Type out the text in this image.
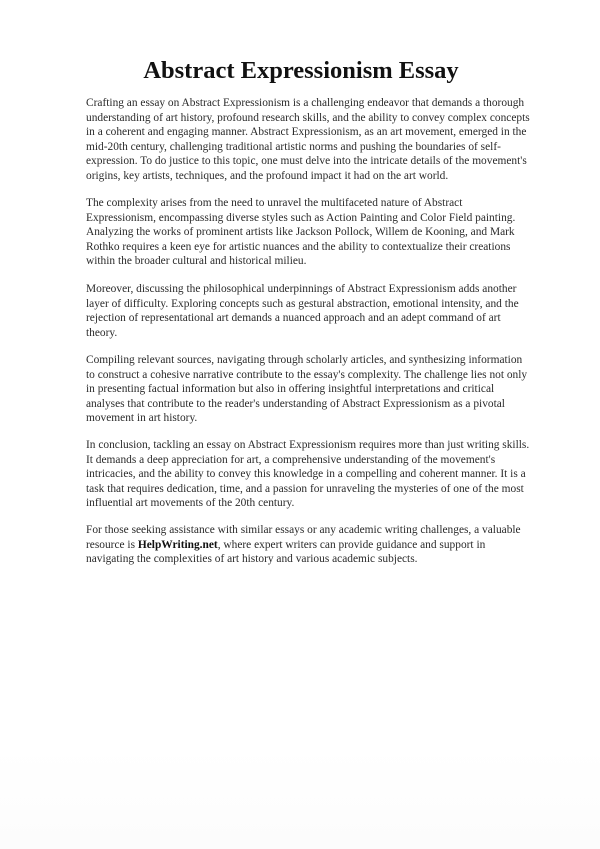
Abstract Expressionism Essay

Crafting an essay on Abstract Expressionism is a challenging endeavor that demands a thorough
understanding of art history, profound research skills, and the ability to convey complex concepts
in a coherent and engaging manner. Abstract Expressionism, as an art movement, emerged in the
mid-20th century, challenging traditional artistic norms and pushing the boundaries of self-
expression. To do justice to this topic, one must delve into the intricate details of the movement's
origins, key artists, techniques, and the profound impact it had on the art world.

The complexity arises from the need to unravel the multifaceted nature of Abstract
Expressionism, encompassing diverse styles such as Action Painting and Color Field painting.
Analyzing the works of prominent artists like Jackson Pollock, Willem de Kooning, and Mark
Rothko requires a keen eye for artistic nuances and the ability to contextualize their creations
within the broader cultural and historical milieu.

Moreover, discussing the philosophical underpinnings of Abstract Expressionism adds another
layer of difficulty. Exploring concepts such as gestural abstraction, emotional intensity, and the
rejection of representational art demands a nuanced approach and an adept command of art
theory.

Compiling relevant sources, navigating through scholarly articles, and synthesizing information
to construct a cohesive narrative contribute to the essay's complexity. The challenge lies not only
in presenting factual information but also in offering insightful interpretations and critical
analyses that contribute to the reader's understanding of Abstract Expressionism as a pivotal
movement in art history.

In conclusion, tackling an essay on Abstract Expressionism requires more than just writing skills.
It demands a deep appreciation for art, a comprehensive understanding of the movement's
intricacies, and the ability to convey this knowledge in a compelling and coherent manner. It is a
task that requires dedication, time, and a passion for unraveling the mysteries of one of the most
influential art movements of the 20th century.

For those seeking assistance with similar essays or any academic writing challenges, a valuable
resource is HelpWriting.net, where expert writers can provide guidance and support in
navigating the complexities of art history and various academic subjects.
